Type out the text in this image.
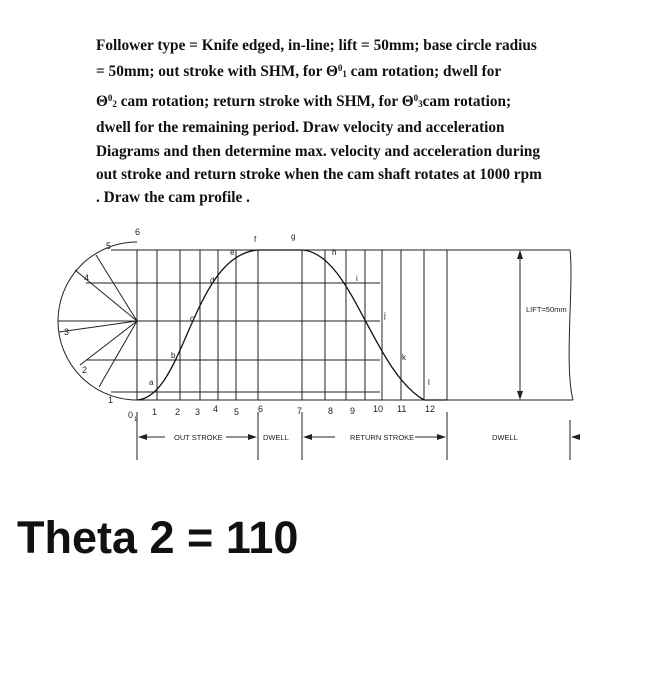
Follower type = Knife edged, in-line; lift = 50mm; base circle radius
= 50mm; out stroke with SHM, for $\Theta^0_1$ cam rotation; dwell for
$\Theta^0_2$ cam rotation; return stroke with SHM, for $\Theta^0_3cam$ rotation;
dwell for the remaining period. Draw velocity and acceleration
Diagrams and then determine max. velocity and acceleration during
out stroke and return stroke when the cam shaft rotates at 1000 rpm
. Draw the cam profile .
1
2
3
4
5
6
0 1
1 2 3 4 5 6	7	8 9 10 11 12
a
b
c
d
e
f	g
h
i
j
k
l
LIFT=50mm
OUT STROKE	DWELL	RETURN STROKE	DWELL
Theta 2 = 110
